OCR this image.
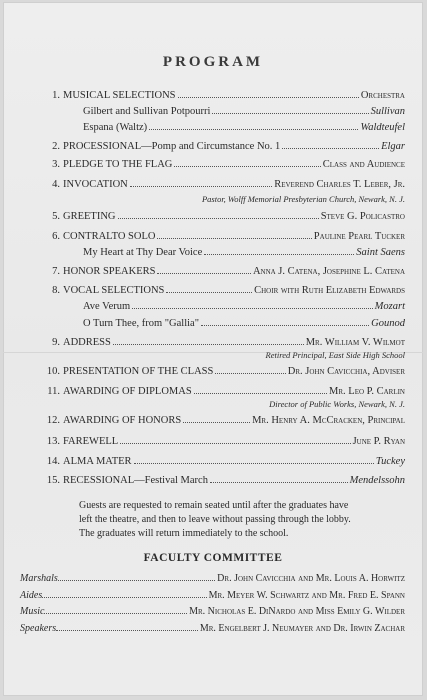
PROGRAM
1. MUSICAL SELECTIONS	Orchestra
Gilbert and Sullivan Potpourri	Sullivan
Espana (Waltz)	Waldteufel
2. PROCESSIONAL—Pomp and Circumstance No. 1	Elgar
3. PLEDGE TO THE FLAG	Class and Audience
4. INVOCATION	Reverend Charles T. Leber, Jr.
Pastor, Wolff Memorial Presbyterian Church, Newark, N. J.
5. GREETING	Steve G. Policastro
6. CONTRALTO SOLO	Pauline Pearl Tucker
My Heart at Thy Dear Voice	Saint Saens
7. HONOR SPEAKERS	Anna J. Catena, Josephine L. Catena
8. VOCAL SELECTIONS	Choir with Ruth Elizabeth Edwards
Ave Verum	Mozart
O Turn Thee, from "Gallia"	Gounod
9. ADDRESS	Mr. William V. Wilmot
Retired Principal, East Side High School
10. PRESENTATION OF THE CLASS	Dr. John Cavicchia, Adviser
11. AWARDING OF DIPLOMAS	Mr. Leo P. Carlin
Director of Public Works, Newark, N. J.
12. AWARDING OF HONORS	Mr. Henry A. McCracken, Principal
13. FAREWELL	June P. Ryan
14. ALMA MATER	Tuckey
15. RECESSIONAL—Festival March	Mendelssohn
Guests are requested to remain seated until after the graduates have
left the theatre, and then to leave without passing through the lobby.
The graduates will return immediately to the school.
FACULTY COMMITTEE
Marshals	Dr. John Cavicchia and Mr. Louis A. Horwitz
Aides	Mr. Meyer W. Schwartz and Mr. Fred E. Spann
Music	Mr. Nicholas E. DiNardo and Miss Emily G. Wilder
Speakers	Mr. Engelbert J. Neumayer and Dr. Irwin Zachar
